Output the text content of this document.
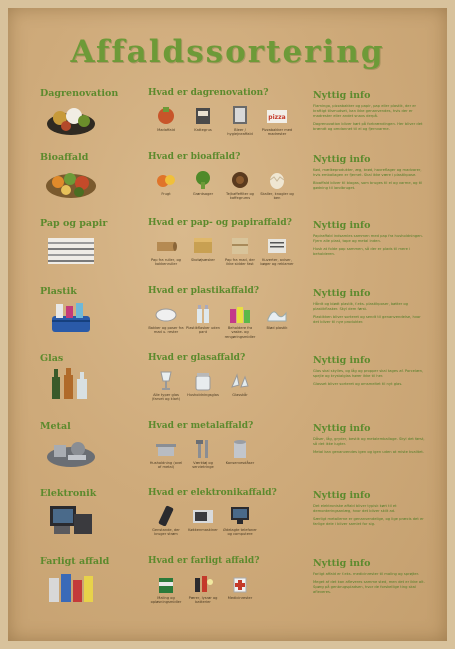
Affaldssortering
Dagrenovation	Hvad er dagrenovation?
Madaffald	Kattegrus	Bleer / hygiejneaffald
pizza
Pizzabakker med madrester
Nyttig info

Flamingo, pizzabakker og papir, pap eller plastik, der er kraftigt tilsmudset, kan ikke genanvendes, hvis der er madrester eller andet snavs derpå.

Dagrenovation bliver kørt på forbrændingen. Her bliver det brændt og omdannet til el og fjernvarme.

Bioaffald	Hvad er bioaffald?
Frugt	Grøntsager	Te/kaffefilter og kaffegrums
Skaller, knogler og ben
Nyttig info

Kød, mælkeprodukter, æg, brød, havreflager og madvarer, hvis emballagen er fjernet. Skal ikke være i plastikpose.

Bioaffald bliver til biogas, som bruges til el og varme, og til gødning til landbruget.

Pap og papir	Hvad er pap- og papiraffald?
Pap fra ruller, og kokkenruller
Skotøjsæsker	Pap fra mad, der ikke sidder fast
Kuverter, aviser, bøger og reklamer
Nyttig info

Papiraffald indsamles sammen med pap fra husholdningen. Fjern alle plast, tape og metal inden.

Husk at folde pap sammen, så der er plads til mere i beholderen.

Plastik	Hvad er plastikaffald?
Bakker og poser fra mad u. rester
Plastikflasker uden pant
Beholdere fra vaske- og rengøringsmidler
Blød plastik
Nyttig info

Hårdt og blødt plastik, f.eks. plastikposer, bøtter og plastikflasker. Skyl dem først.

Plastikken bliver sorteret og sendt til genanvendelse, hvor det bliver til nye produkter.

Glas	Hvad er glasaffald?
Alle typer glas (farvet og klart)
Husholdningsglas	Glasskår
Nyttig info

Glas skal skylles, og låg og propper skal tages af. Porcelæn, spejle og krystalglas hører ikke til her.

Glasset bliver sorteret og omsmeltet til nyt glas.

Metal	Hvad er metalaffald?
Husholdning (ovel af metal)
Værktøj og servietringe
Konservesdåser
Nyttig info

Dåser, låg, gryder, bestik og metalemballage. Skyl det først, så det ikke lugter.

Metal kan genanvendes igen og igen uden at miste kvalitet.

Elektronik	Hvad er elektronikaffald?
Genstande, der bruger strøm
Køkkenmaskiner	Ødelagte telefoner og computere
Nyttig info

Det elektroniske affald bliver typisk kørt til et demonteringsanlæg, hvor det bliver skilt ad.

Særligt metallerne er genanvendelige, og lige præcis det er farlige dele i bliver samlet for sig.

Farligt affald	Hvad er farligt affald?
Maling og opløsningsmidler
Pærer, lysrør og batterier
Medicinrester
Nyttig info

Farligt affald er f.eks. medicinrester til maling og sprøjter.

Meget af det kan afleveres samme sted, men det er ikke alt. Spørg på genbrugspladsen, hvor de forskellige ting skal afleveres.
